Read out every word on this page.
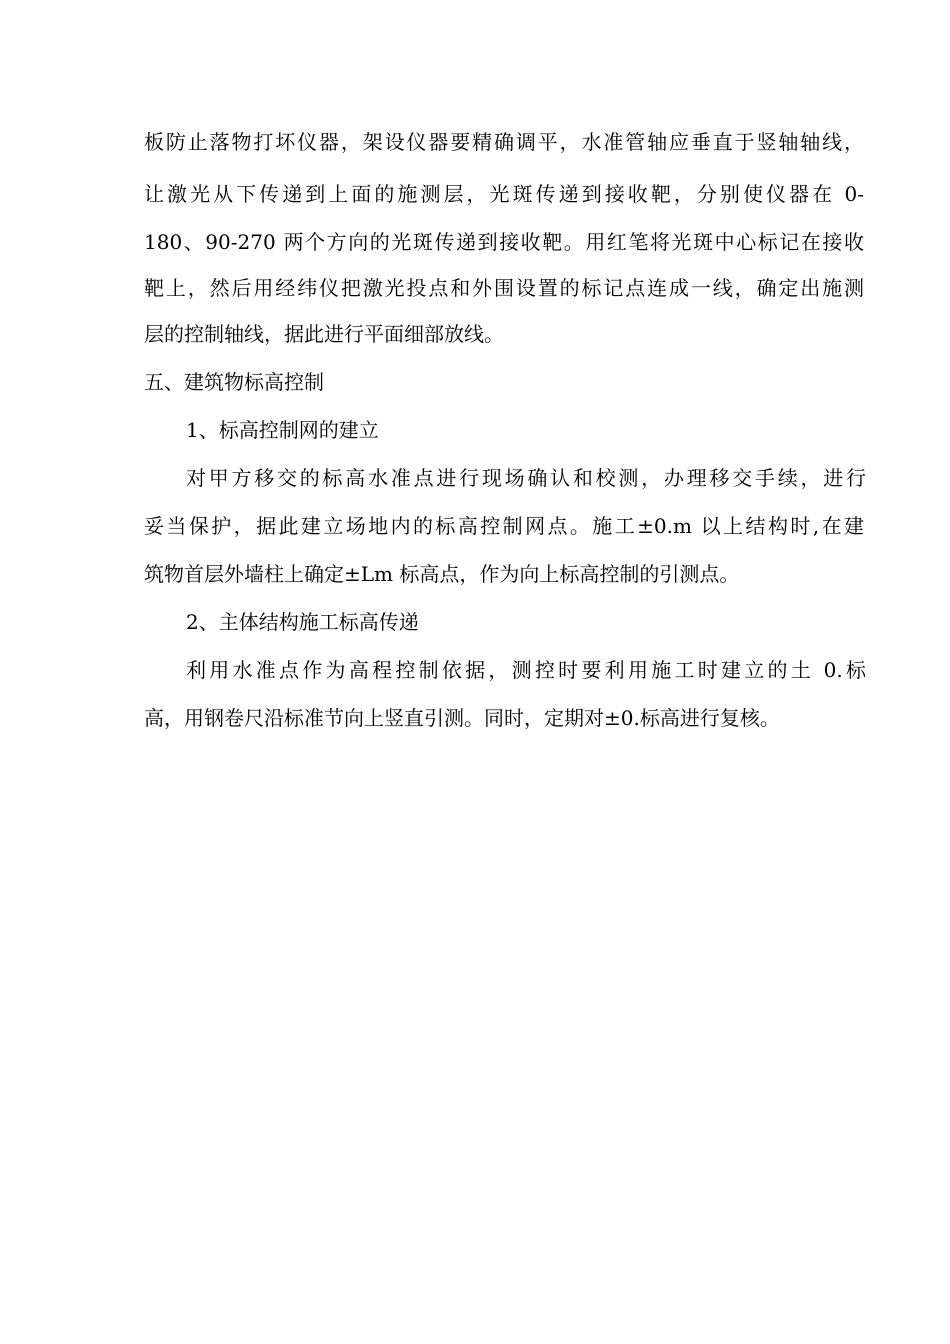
板防止落物打坏仪器，架设仪器要精确调平，水准管轴应垂直于竖轴轴线，
让激光从下传递到上面的施测层，光斑传递到接收靶，分别使仪器在 0-
180、90-270 两个方向的光斑传递到接收靶。用红笔将光斑中心标记在接收
靶上，然后用经纬仪把激光投点和外围设置的标记点连成一线，确定出施测
层的控制轴线，据此进行平面细部放线。
五、建筑物标高控制
1、标高控制网的建立
对甲方移交的标高水准点进行现场确认和校测，办理移交手续，进行
妥当保护，据此建立场地内的标高控制网点。施工±0.m 以上结构时,在建
筑物首层外墙柱上确定±Lm 标高点，作为向上标高控制的引测点。
2、主体结构施工标高传递
利用水准点作为高程控制依据，测控时要利用施工时建立的土 0.标
高，用钢卷尺沿标准节向上竖直引测。同时，定期对±0.标高进行复核。
